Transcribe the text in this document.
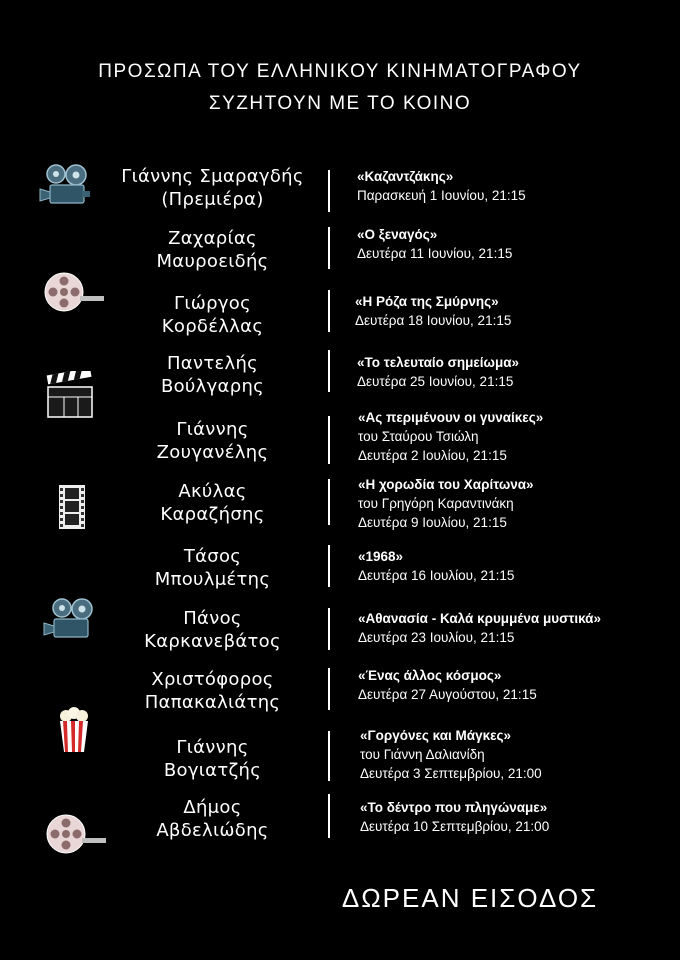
ΠΡΟΣΩΠΑ ΤΟΥ ΕΛΛΗΝΙΚΟΥ ΚΙΝΗΜΑΤΟΓΡΑΦΟΥ
ΣΥΖΗΤΟΥΝ ΜΕ ΤΟ ΚΟΙΝΟ
Γιάννης Σμαραγδής
(Πρεμιέρα)
«Καζαντζάκης»
Παρασκευή 1 Ιουνίου, 21:15
Ζαχαρίας
Μαυροειδής
«Ο ξεναγός»
Δευτέρα 11 Ιουνίου, 21:15
Γιώργος
Κορδέλλας
«Η Ρόζα της Σμύρνης»
Δευτέρα 18 Ιουνίου, 21:15
Παντελής
Βούλγαρης
«Το τελευταίο σημείωμα»
Δευτέρα 25 Ιουνίου, 21:15
Γιάννης
Ζουγανέλης
«Ας περιμένουν οι γυναίκες»
του Σταύρου Τσιώλη
Δευτέρα 2 Ιουλίου, 21:15
Ακύλας
Καραζήσης
«Η χορωδία του Χαρίτωνα»
του Γρηγόρη Καραντινάκη
Δευτέρα 9 Ιουλίου, 21:15
Τάσος
Μπουλμέτης
«1968»
Δευτέρα 16 Ιουλίου, 21:15
Πάνος
Καρκανεβάτος
«Αθανασία - Καλά κρυμμένα μυστικά»
Δευτέρα 23 Ιουλίου, 21:15
Χριστόφορος
Παπακαλιάτης
«Ένας άλλος κόσμος»
Δευτέρα 27 Αυγούστου, 21:15
Γιάννης
Βογιατζής
«Γοργόνες και Μάγκες»
του Γιάννη Δαλιανίδη
Δευτέρα 3 Σεπτεμβρίου, 21:00
Δήμος
Αβδελιώδης
«Το δέντρο που πληγώναμε»
Δευτέρα 10 Σεπτεμβρίου, 21:00
ΔΩΡΕΑΝ ΕΙΣΟΔΟΣ
